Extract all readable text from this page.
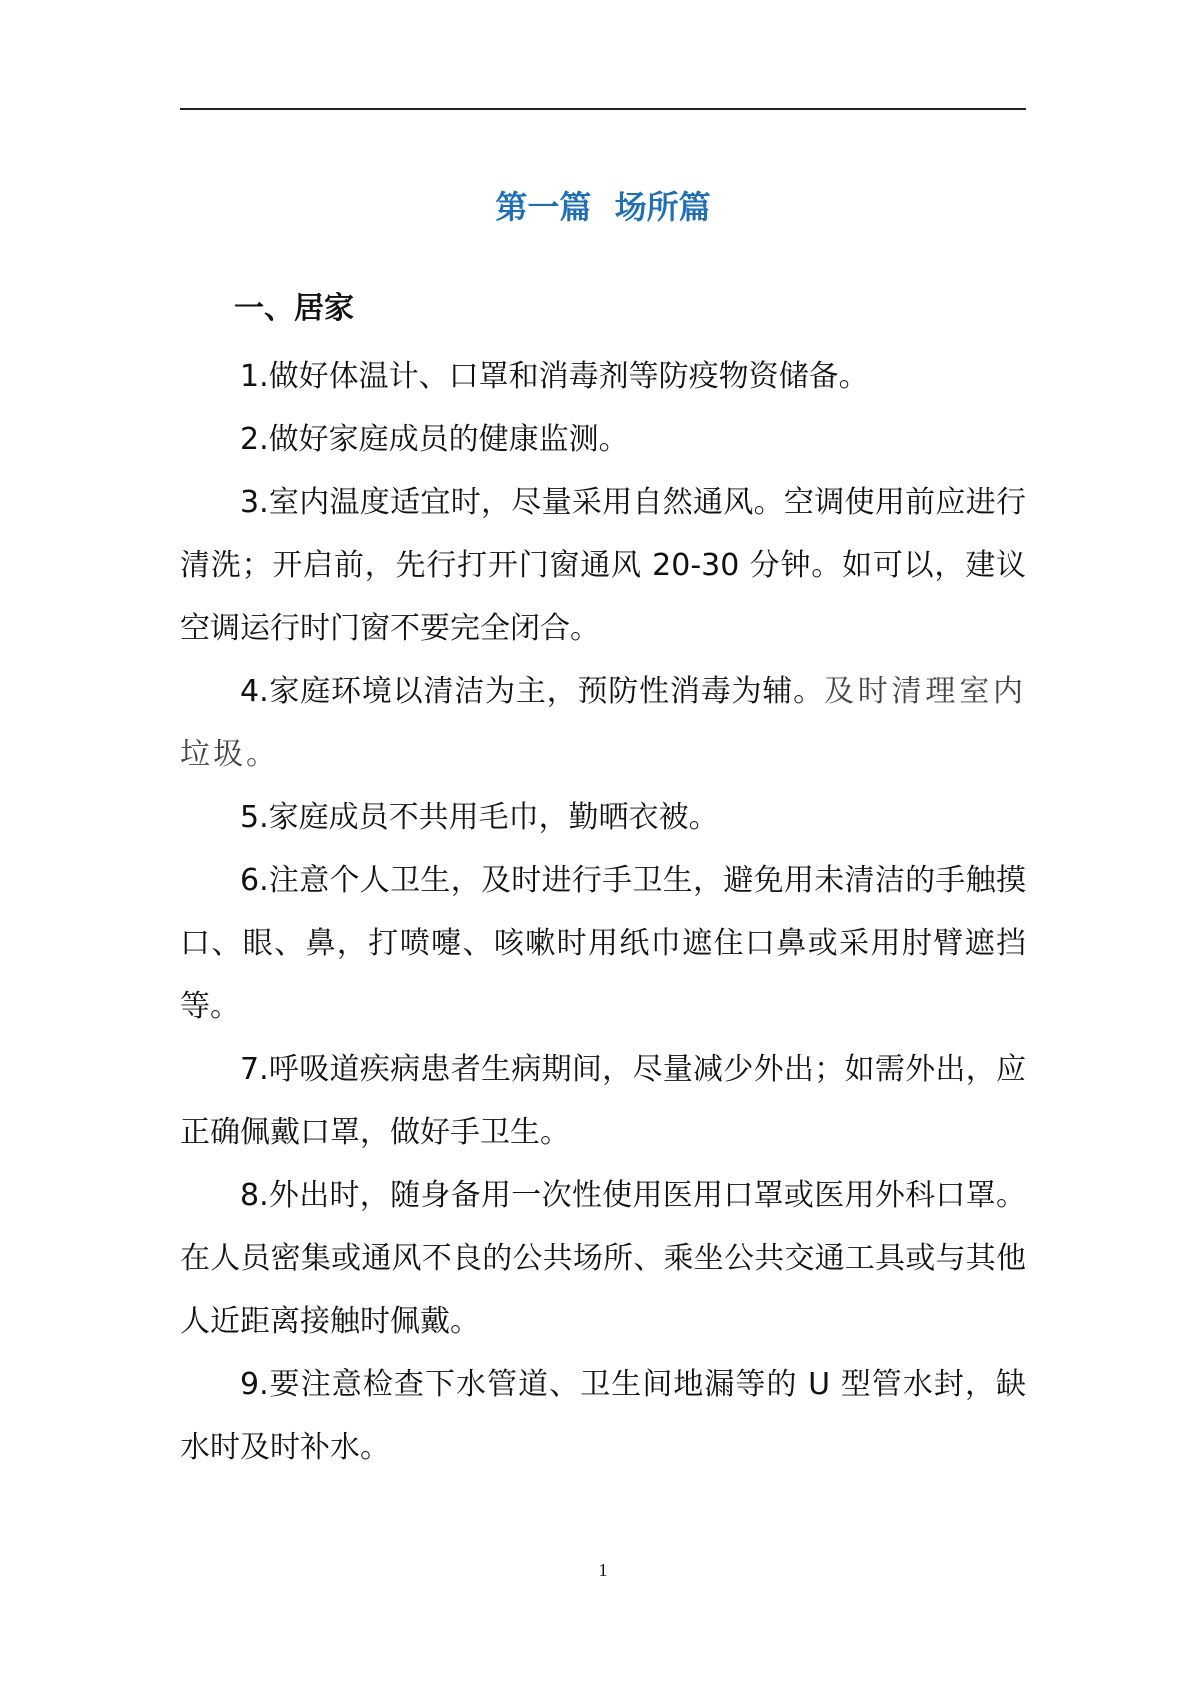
第一篇 场所篇
一、居家

1.做好体温计、口罩和消毒剂等防疫物资储备。

2.做好家庭成员的健康监测。

3.室内温度适宜时，尽量采用自然通风。空调使用前应进行清洗；开启前，先行打开门窗通风 20-30 分钟。如可以，建议空调运行时门窗不要完全闭合。

4.家庭环境以清洁为主，预防性消毒为辅。及时清理室内垃圾。

5.家庭成员不共用毛巾，勤晒衣被。

6.注意个人卫生，及时进行手卫生，避免用未清洁的手触摸口、眼、鼻，打喷嚏、咳嗽时用纸巾遮住口鼻或采用肘臂遮挡等。

7.呼吸道疾病患者生病期间，尽量减少外出；如需外出，应正确佩戴口罩，做好手卫生。

8.外出时，随身备用一次性使用医用口罩或医用外科口罩。在人员密集或通风不良的公共场所、乘坐公共交通工具或与其他人近距离接触时佩戴。

9.要注意检查下水管道、卫生间地漏等的 U 型管水封，缺水时及时补水。

1
